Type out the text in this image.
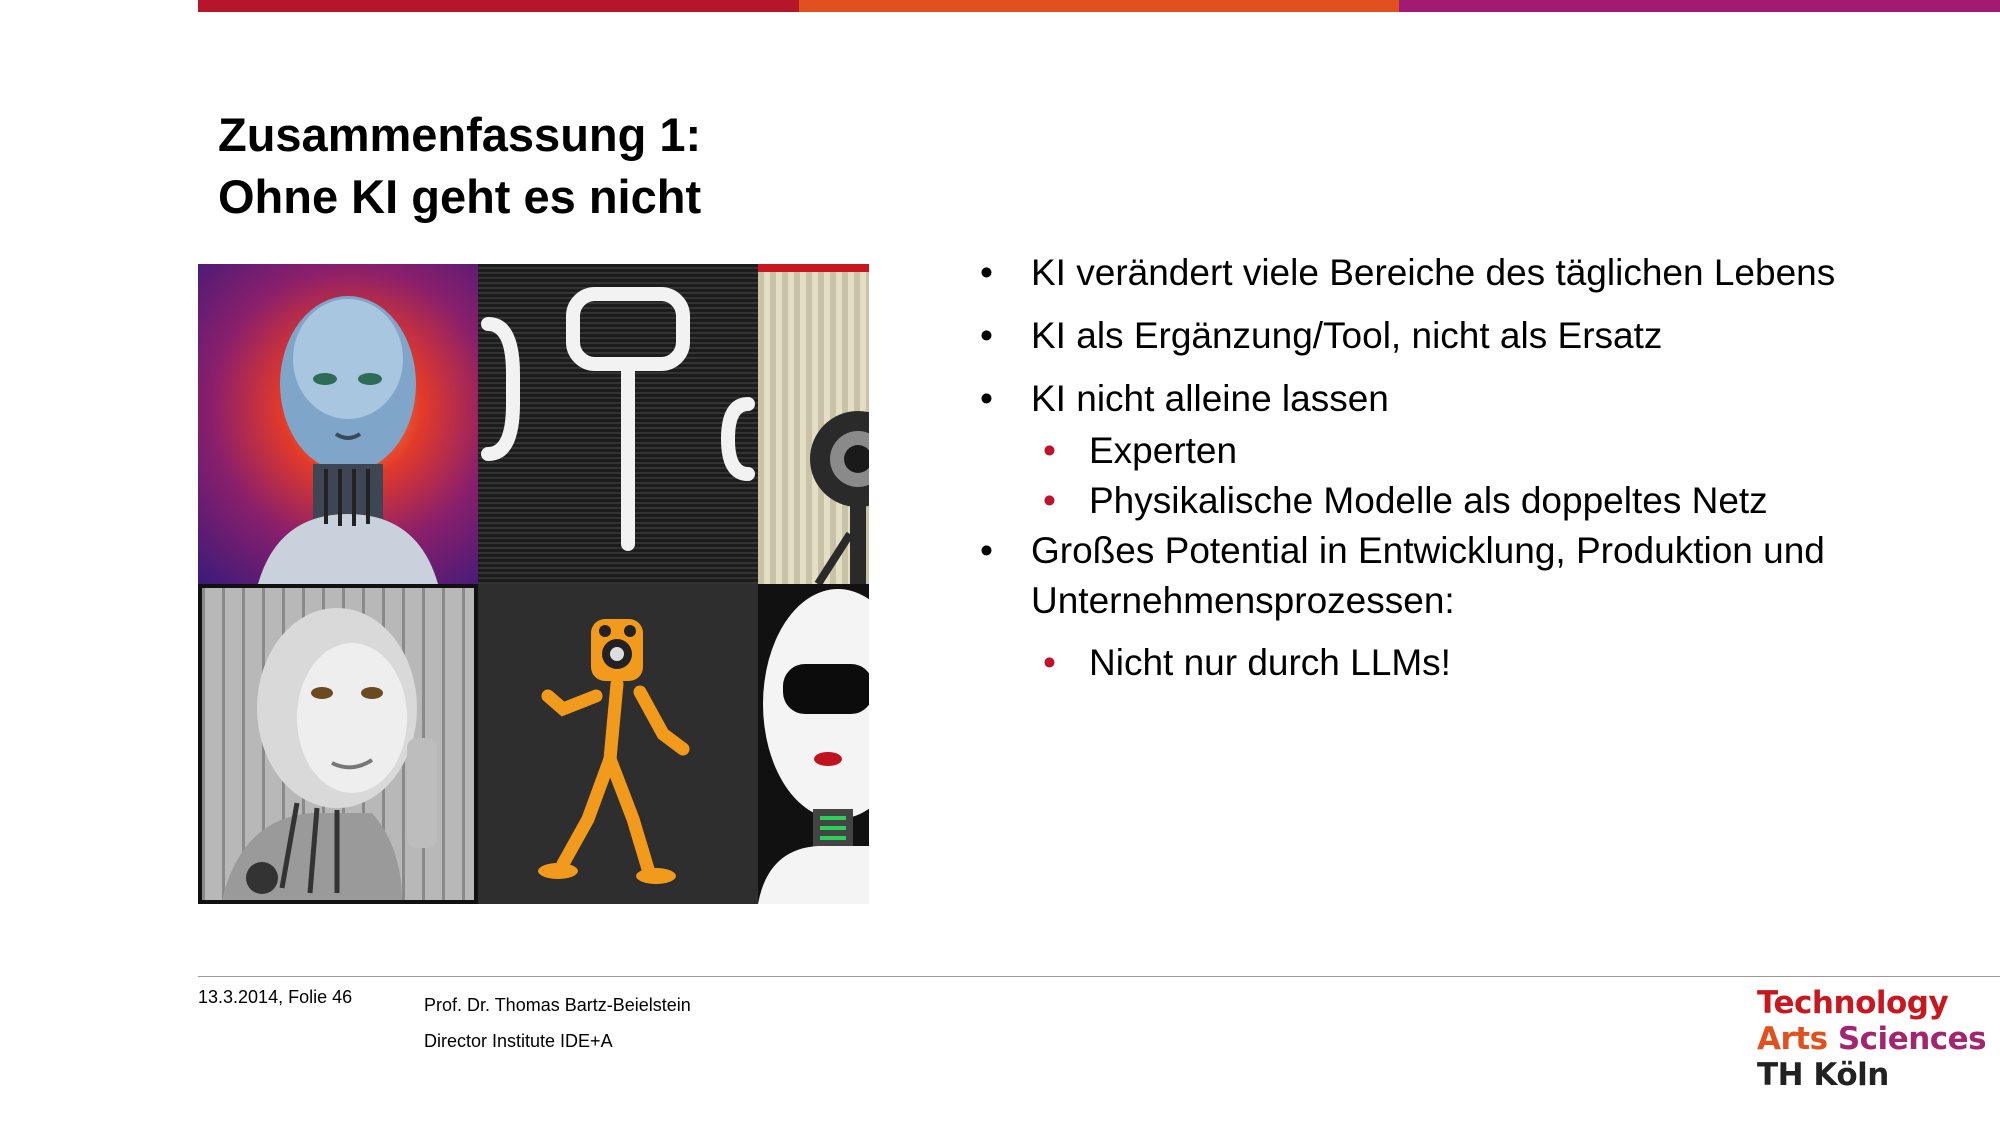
Zusammenfassung 1:
Ohne KI geht es nicht
•	KI verändert viele Bereiche des täglichen Lebens
•	KI als Ergänzung/Tool, nicht als Ersatz
•	KI nicht alleine lassen
• Experten
• Physikalische Modelle als doppeltes Netz
•	Großes Potential in Entwicklung, Produktion und Unternehmensprozessen:
• Nicht nur durch LLMs!
13.3.2014, Folie 46	Prof. Dr. Thomas Bartz-Beielstein
Director Institute IDE+A
Technology
Arts Sciences
TH Köln
